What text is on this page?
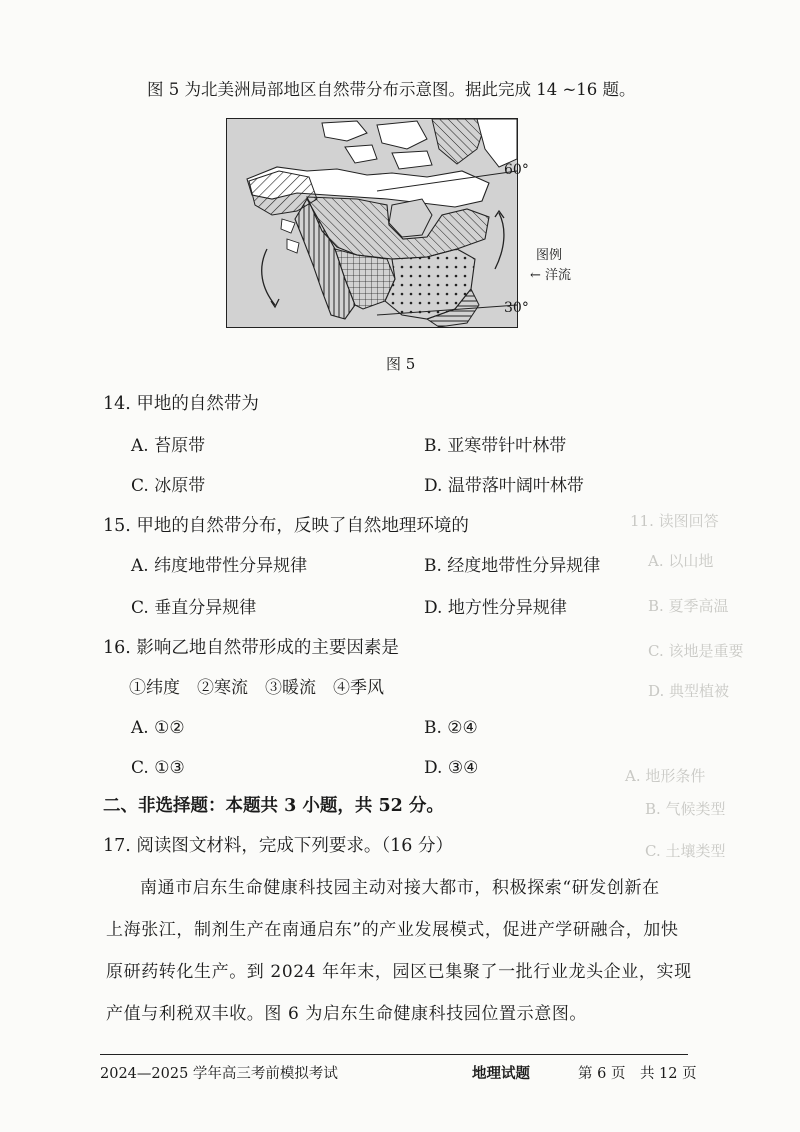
11. 读图回答
A. 以山地
B. 夏季高温
C. 该地是重要
D. 典型植被
A. 地形条件
B. 气候类型
C. 土壤类型
图 5 为北美洲局部地区自然带分布示意图。据此完成 14 ~16 题。
60°
30°
图例
← 洋流
图 5
14. 甲地的自然带为
A. 苔原带	B. 亚寒带针叶林带
C. 冰原带	D. 温带落叶阔叶林带
15. 甲地的自然带分布，反映了自然地理环境的
A. 纬度地带性分异规律	B. 经度地带性分异规律
C. 垂直分异规律	D. 地方性分异规律
16. 影响乙地自然带形成的主要因素是
①纬度　②寒流　③暖流　④季风
A. ①②	B. ②④
C. ①③	D. ③④
二、非选择题：本题共 3 小题，共 52 分。
17. 阅读图文材料，完成下列要求。（16 分）
南通市启东生命健康科技园主动对接大都市，积极探索“研发创新在
上海张江，制剂生产在南通启东”的产业发展模式，促进产学研融合，加快
原研药转化生产。到 2024 年年末，园区已集聚了一批行业龙头企业，实现
产值与利税双丰收。图 6 为启东生命健康科技园位置示意图。
2024—2025 学年高三考前模拟考试	地理试题	第 6 页　共 12 页
